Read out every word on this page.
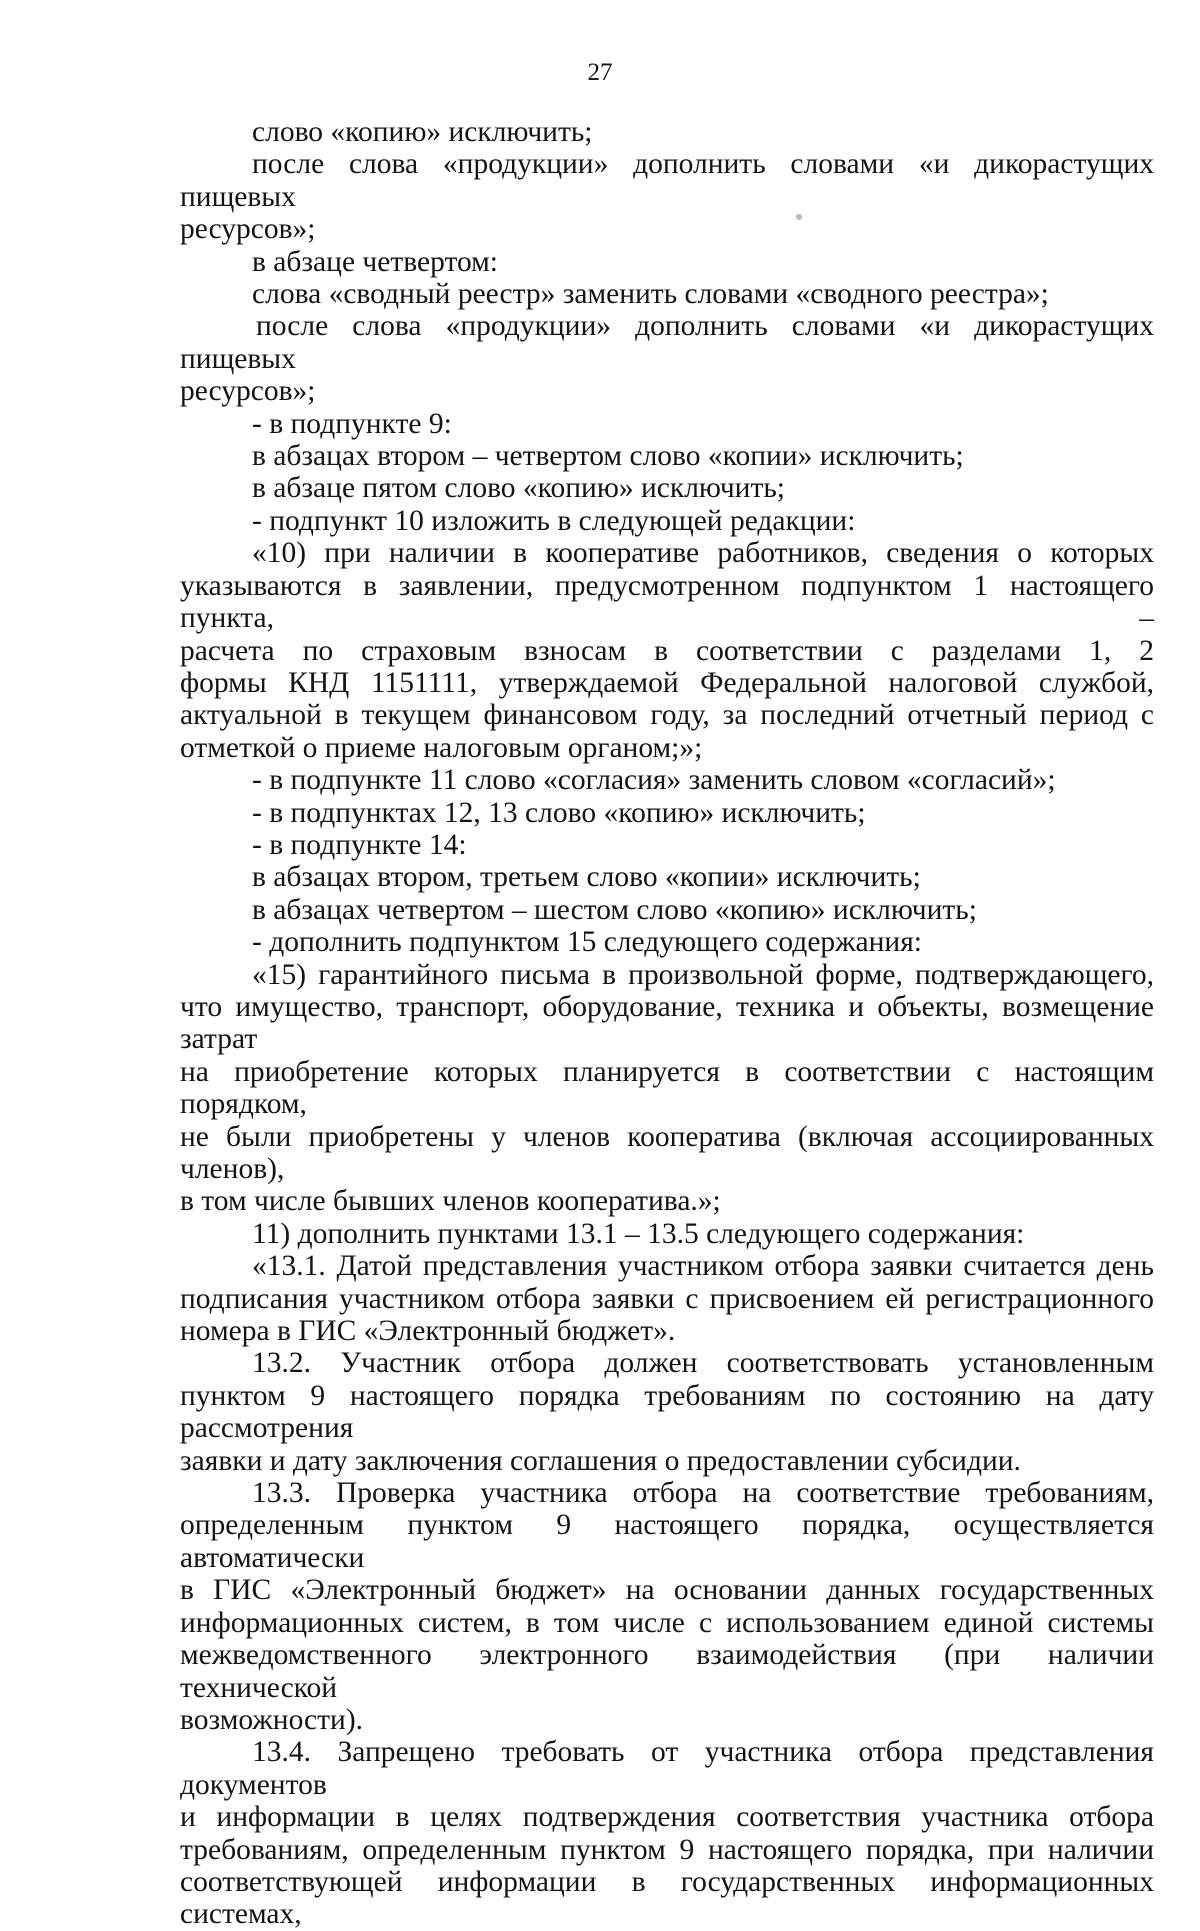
27

слово «копию» исключить;

после слова «продукции» дополнить словами «и дикорастущих пищевых

ресурсов»;

в абзаце четвертом:

слова «сводный реестр» заменить словами «сводного реестра»;

после слова «продукции» дополнить словами «и дикорастущих пищевых

ресурсов»;

- в подпункте 9:

в абзацах втором – четвертом слово «копии» исключить;

в абзаце пятом слово «копию» исключить;

- подпункт 10 изложить в следующей редакции:

«10) при наличии в кооперативе работников, сведения о которых

указываются в заявлении, предусмотренном подпунктом 1 настоящего пункта, –

расчета по страховым взносам в соответствии с разделами 1, 2

формы КНД 1151111, утверждаемой Федеральной налоговой службой,

актуальной в текущем финансовом году, за последний отчетный период с

отметкой о приеме налоговым органом;»;

- в подпункте 11 слово «согласия» заменить словом «согласий»;

- в подпунктах 12, 13 слово «копию» исключить;

- в подпункте 14:

в абзацах втором, третьем слово «копии» исключить;

в абзацах четвертом – шестом слово «копию» исключить;

- дополнить подпунктом 15 следующего содержания:

«15) гарантийного письма в произвольной форме, подтверждающего,

что имущество, транспорт, оборудование, техника и объекты, возмещение затрат

на приобретение которых планируется в соответствии с настоящим порядком,

не были приобретены у членов кооператива (включая ассоциированных членов),

в том числе бывших членов кооператива.»;

11) дополнить пунктами 13.1 – 13.5 следующего содержания:

«13.1. Датой представления участником отбора заявки считается день

подписания участником отбора заявки с присвоением ей регистрационного

номера в ГИС «Электронный бюджет».

13.2. Участник отбора должен соответствовать установленным

пунктом 9 настоящего порядка требованиям по состоянию на дату рассмотрения

заявки и дату заключения соглашения о предоставлении субсидии.

13.3. Проверка участника отбора на соответствие требованиям,

определенным пунктом 9 настоящего порядка, осуществляется автоматически

в ГИС «Электронный бюджет» на основании данных государственных

информационных систем, в том числе с использованием единой системы

межведомственного электронного взаимодействия (при наличии технической

возможности).

13.4. Запрещено требовать от участника отбора представления документов

и информации в целях подтверждения соответствия участника отбора

требованиям, определенным пунктом 9 настоящего порядка, при наличии

соответствующей информации в государственных информационных системах,
